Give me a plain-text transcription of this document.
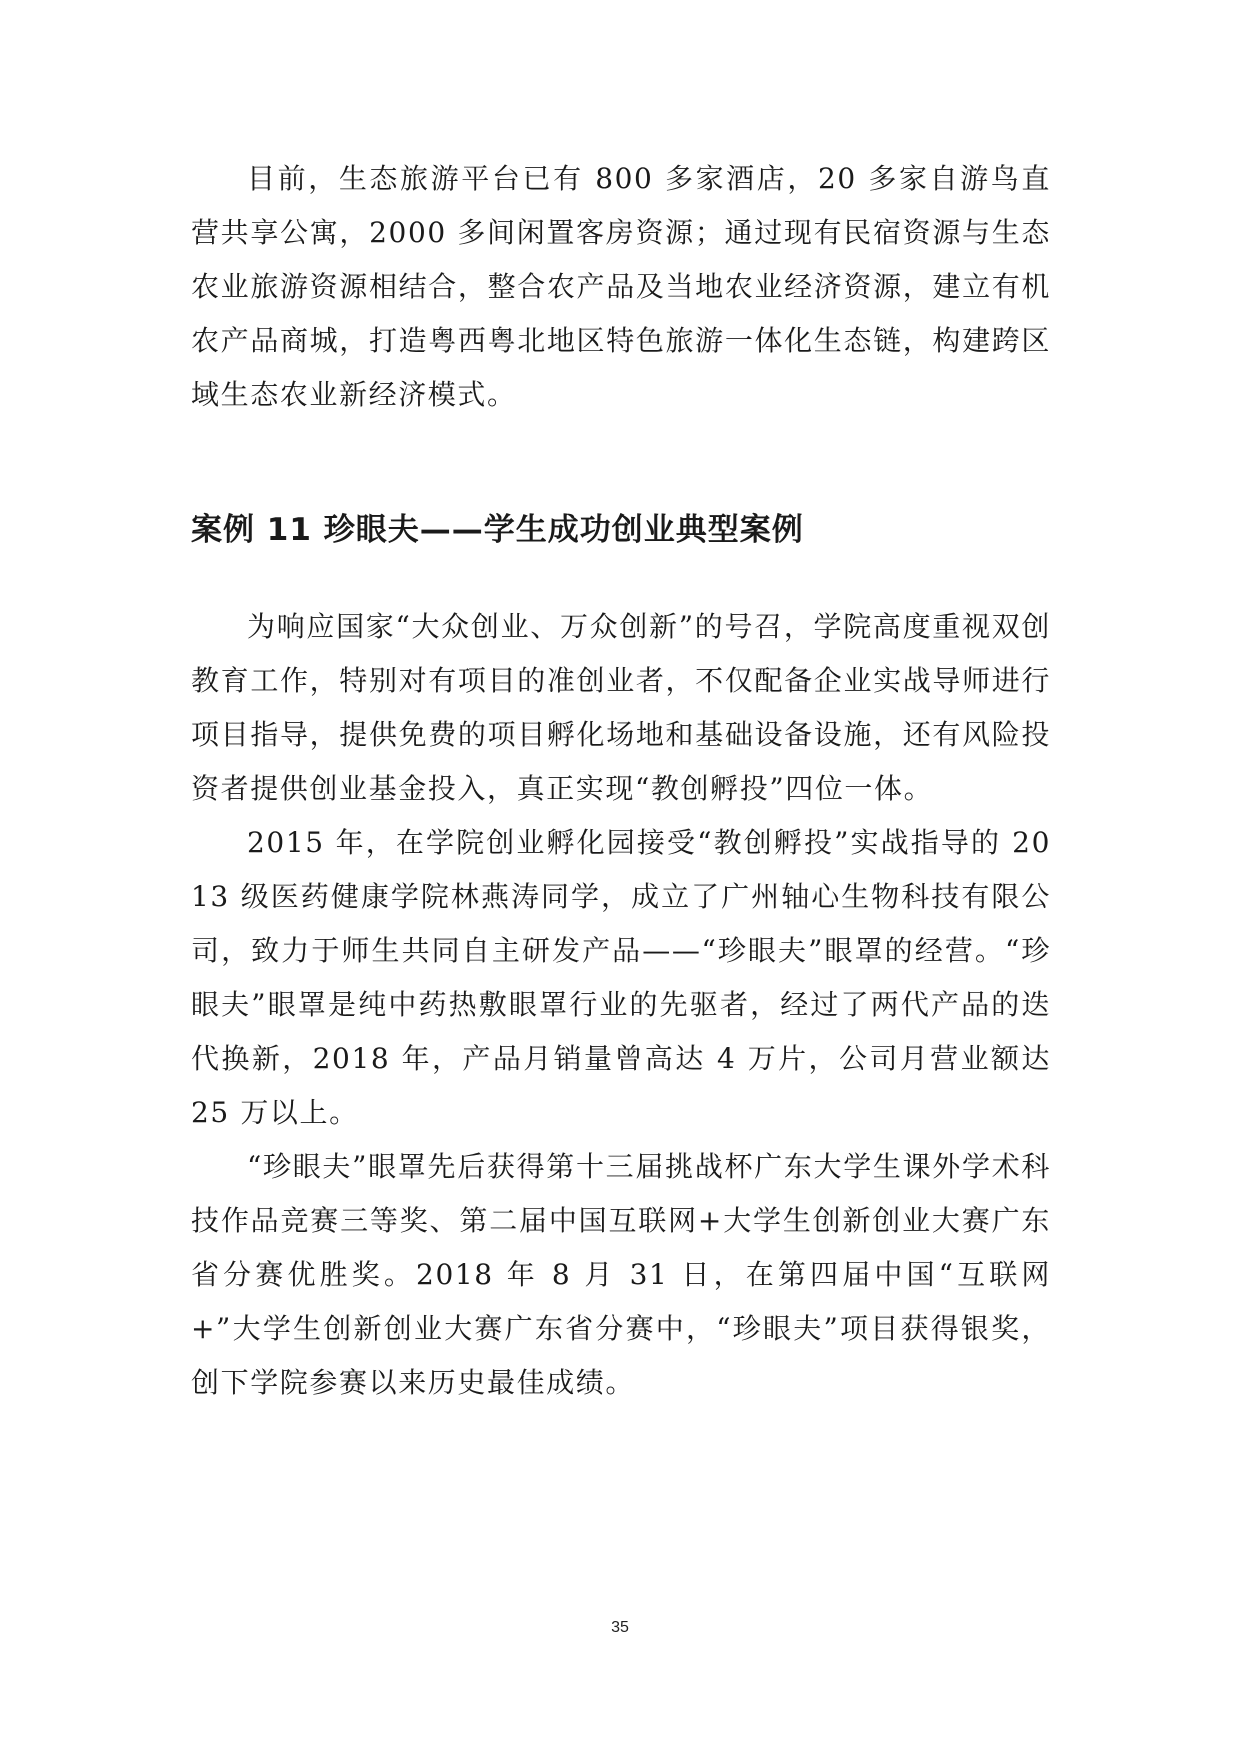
目前，生态旅游平台已有 800 多家酒店，20 多家自游鸟直营共享公寓，2000 多间闲置客房资源；通过现有民宿资源与生态农业旅游资源相结合，整合农产品及当地农业经济资源，建立有机农产品商城，打造粤西粤北地区特色旅游一体化生态链，构建跨区域生态农业新经济模式。

案例 11 珍眼夫——学生成功创业典型案例

为响应国家“大众创业、万众创新”的号召，学院高度重视双创教育工作，特别对有项目的准创业者，不仅配备企业实战导师进行项目指导，提供免费的项目孵化场地和基础设备设施，还有风险投资者提供创业基金投入，真正实现“教创孵投”四位一体。

2015 年，在学院创业孵化园接受“教创孵投”实战指导的 2013 级医药健康学院林燕涛同学，成立了广州轴心生物科技有限公司，致力于师生共同自主研发产品——“珍眼夫”眼罩的经营。“珍眼夫”眼罩是纯中药热敷眼罩行业的先驱者，经过了两代产品的迭代换新，2018 年，产品月销量曾高达 4 万片，公司月营业额达 25 万以上。

“珍眼夫”眼罩先后获得第十三届挑战杯广东大学生课外学术科技作品竞赛三等奖、第二届中国互联网+大学生创新创业大赛广东省分赛优胜奖。2018 年 8 月 31 日，在第四届中国“互联网+”大学生创新创业大赛广东省分赛中，“珍眼夫”项目获得银奖，创下学院参赛以来历史最佳成绩。

35
